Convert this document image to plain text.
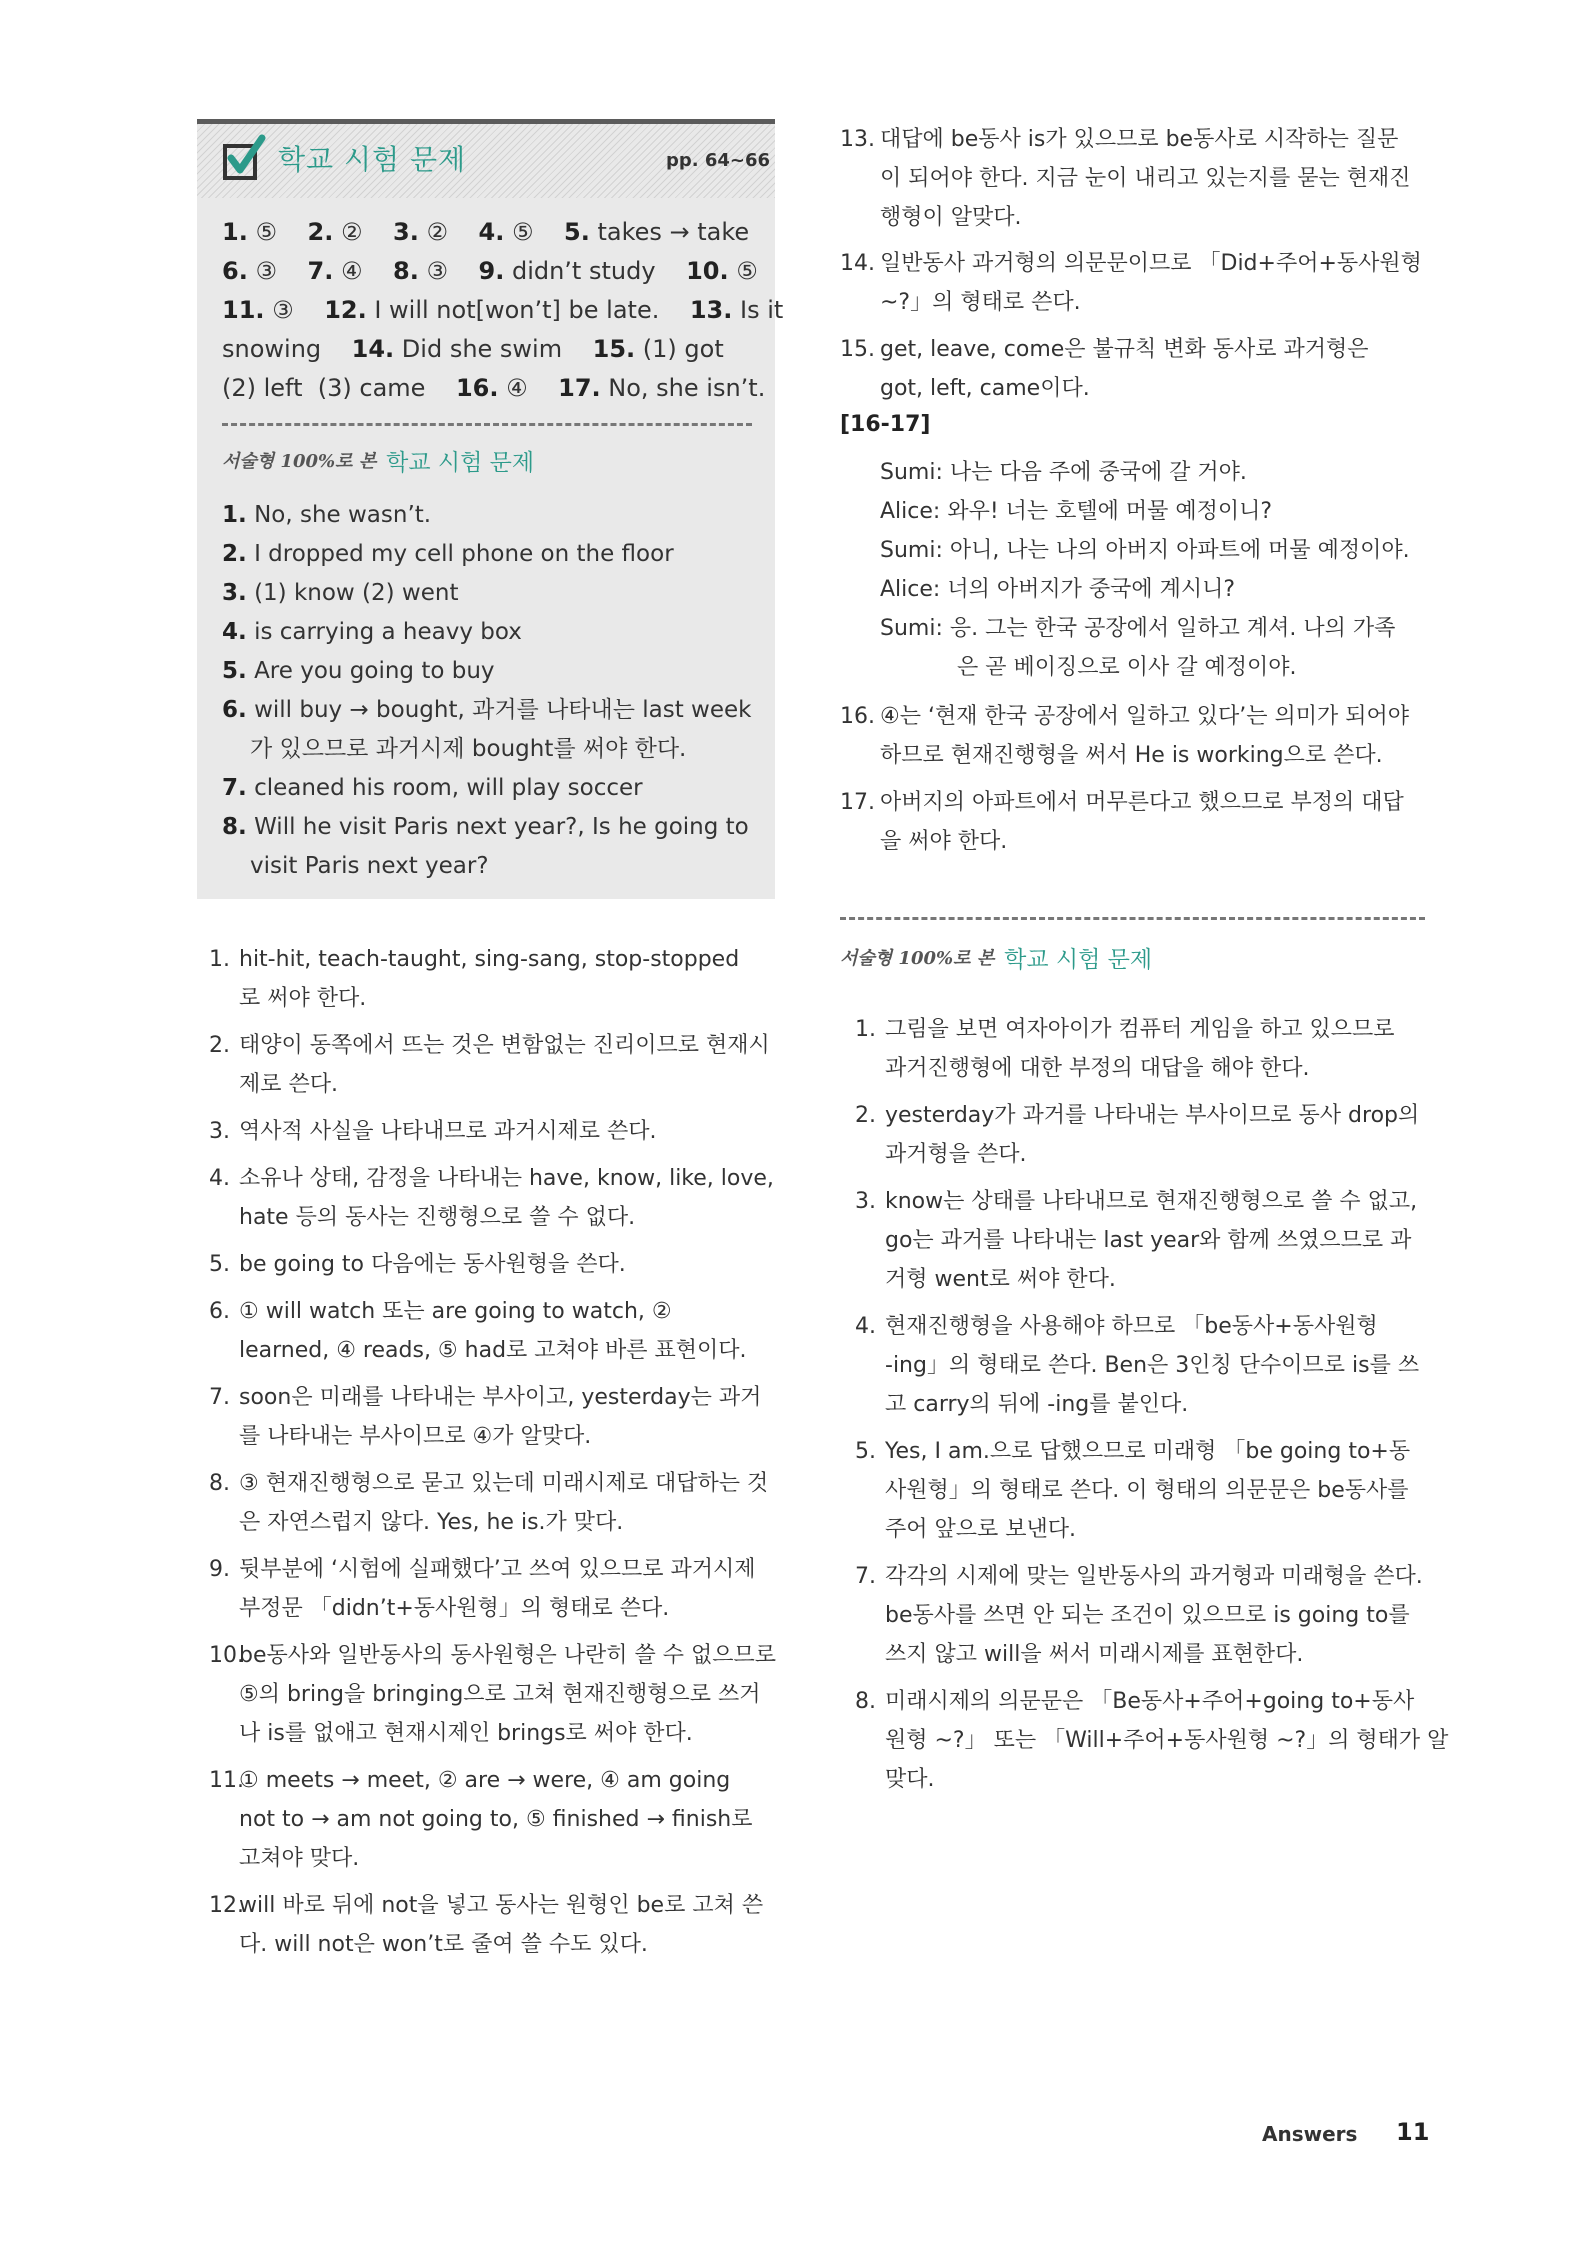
학교 시험 문제	pp. 64~66
1. ⑤    2. ②    3. ②    4. ⑤    5. takes → take
6. ③    7. ④    8. ③    9. didn’t study    10. ⑤
11. ③    12. I will not[won’t] be late.    13. Is it
snowing    14. Did she swim    15. (1) got
(2) left  (3) came    16. ④    17. No, she isn’t.
서술형 100%로 본 학교 시험 문제
1. No, she wasn’t.
2. I dropped my cell phone on the floor
3. (1) know (2) went
4. is carrying a heavy box
5. Are you going to buy
6. will buy → bought, 과거를 나타내는 last week 가 있으므로 과거시제 bought를 써야 한다.
7. cleaned his room, will play soccer
8. Will he visit Paris next year?, Is he going to visit Paris next year?
1. hit-hit, teach-taught, sing-sang, stop-stopped
로 써야 한다.
2. 태양이 동쪽에서 뜨는 것은 변함없는 진리이므로 현재시
제로 쓴다.
3. 역사적 사실을 나타내므로 과거시제로 쓴다.
4. 소유나 상태, 감정을 나타내는 have, know, like, love,
hate 등의 동사는 진행형으로 쓸 수 없다.
5. be going to 다음에는 동사원형을 쓴다.
6. ① will watch 또는 are going to watch, ②
learned, ④ reads, ⑤ had로 고쳐야 바른 표현이다.
7. soon은 미래를 나타내는 부사이고, yesterday는 과거
를 나타내는 부사이므로 ④가 알맞다.
8. ③ 현재진행형으로 묻고 있는데 미래시제로 대답하는 것
은 자연스럽지 않다. Yes, he is.가 맞다.
9. 뒷부분에 ‘시험에 실패했다’고 쓰여 있으므로 과거시제
부정문 「didn’t+동사원형」의 형태로 쓴다.
10.
be동사와 일반동사의 동사원형은 나란히 쓸 수 없으므로
⑤의 bring을 bringing으로 고쳐 현재진행형으로 쓰거
나 is를 없애고 현재시제인 brings로 써야 한다.
11.
① meets → meet, ② are → were, ④ am going
not to → am not going to, ⑤ finished → finish로
고쳐야 맞다.
12.
will 바로 뒤에 not을 넣고 동사는 원형인 be로 고쳐 쓴
다. will not은 won’t로 줄여 쓸 수도 있다.
13. 대답에 be동사 is가 있으므로 be동사로 시작하는 질문
이 되어야 한다. 지금 눈이 내리고 있는지를 묻는 현재진
행형이 알맞다.
14. 일반동사 과거형의 의문문이므로 「Did+주어+동사원형
~?」의 형태로 쓴다.
15. get, leave, come은 불규칙 변화 동사로 과거형은
got, left, came이다.
[16-17]
Sumi: 나는 다음 주에 중국에 갈 거야.
Alice: 와우! 너는 호텔에 머물 예정이니?
Sumi: 아니, 나는 나의 아버지 아파트에 머물 예정이야.
Alice: 너의 아버지가 중국에 계시니?
Sumi: 응. 그는 한국 공장에서 일하고 계셔. 나의 가족
은 곧 베이징으로 이사 갈 예정이야.
16. ④는 ‘현재 한국 공장에서 일하고 있다’는 의미가 되어야
하므로 현재진행형을 써서 He is working으로 쓴다.
17. 아버지의 아파트에서 머무른다고 했으므로 부정의 대답
을 써야 한다.
서술형 100%로 본 학교 시험 문제
1. 그림을 보면 여자아이가 컴퓨터 게임을 하고 있으므로
과거진행형에 대한 부정의 대답을 해야 한다.
2. yesterday가 과거를 나타내는 부사이므로 동사 drop의
과거형을 쓴다.
3. know는 상태를 나타내므로 현재진행형으로 쓸 수 없고,
go는 과거를 나타내는 last year와 함께 쓰였으므로 과
거형 went로 써야 한다.
4. 현재진행형을 사용해야 하므로 「be동사+동사원형
-ing」의 형태로 쓴다. Ben은 3인칭 단수이므로 is를 쓰
고 carry의 뒤에 -ing를 붙인다.
5. Yes, I am.으로 답했으므로 미래형 「be going to+동
사원형」의 형태로 쓴다. 이 형태의 의문문은 be동사를
주어 앞으로 보낸다.
7. 각각의 시제에 맞는 일반동사의 과거형과 미래형을 쓴다.
be동사를 쓰면 안 되는 조건이 있으므로 is going to를
쓰지 않고 will을 써서 미래시제를 표현한다.
8. 미래시제의 의문문은 「Be동사+주어+going to+동사
원형 ~?」 또는 「Will+주어+동사원형 ~?」의 형태가 알
맞다.
Answers 11
